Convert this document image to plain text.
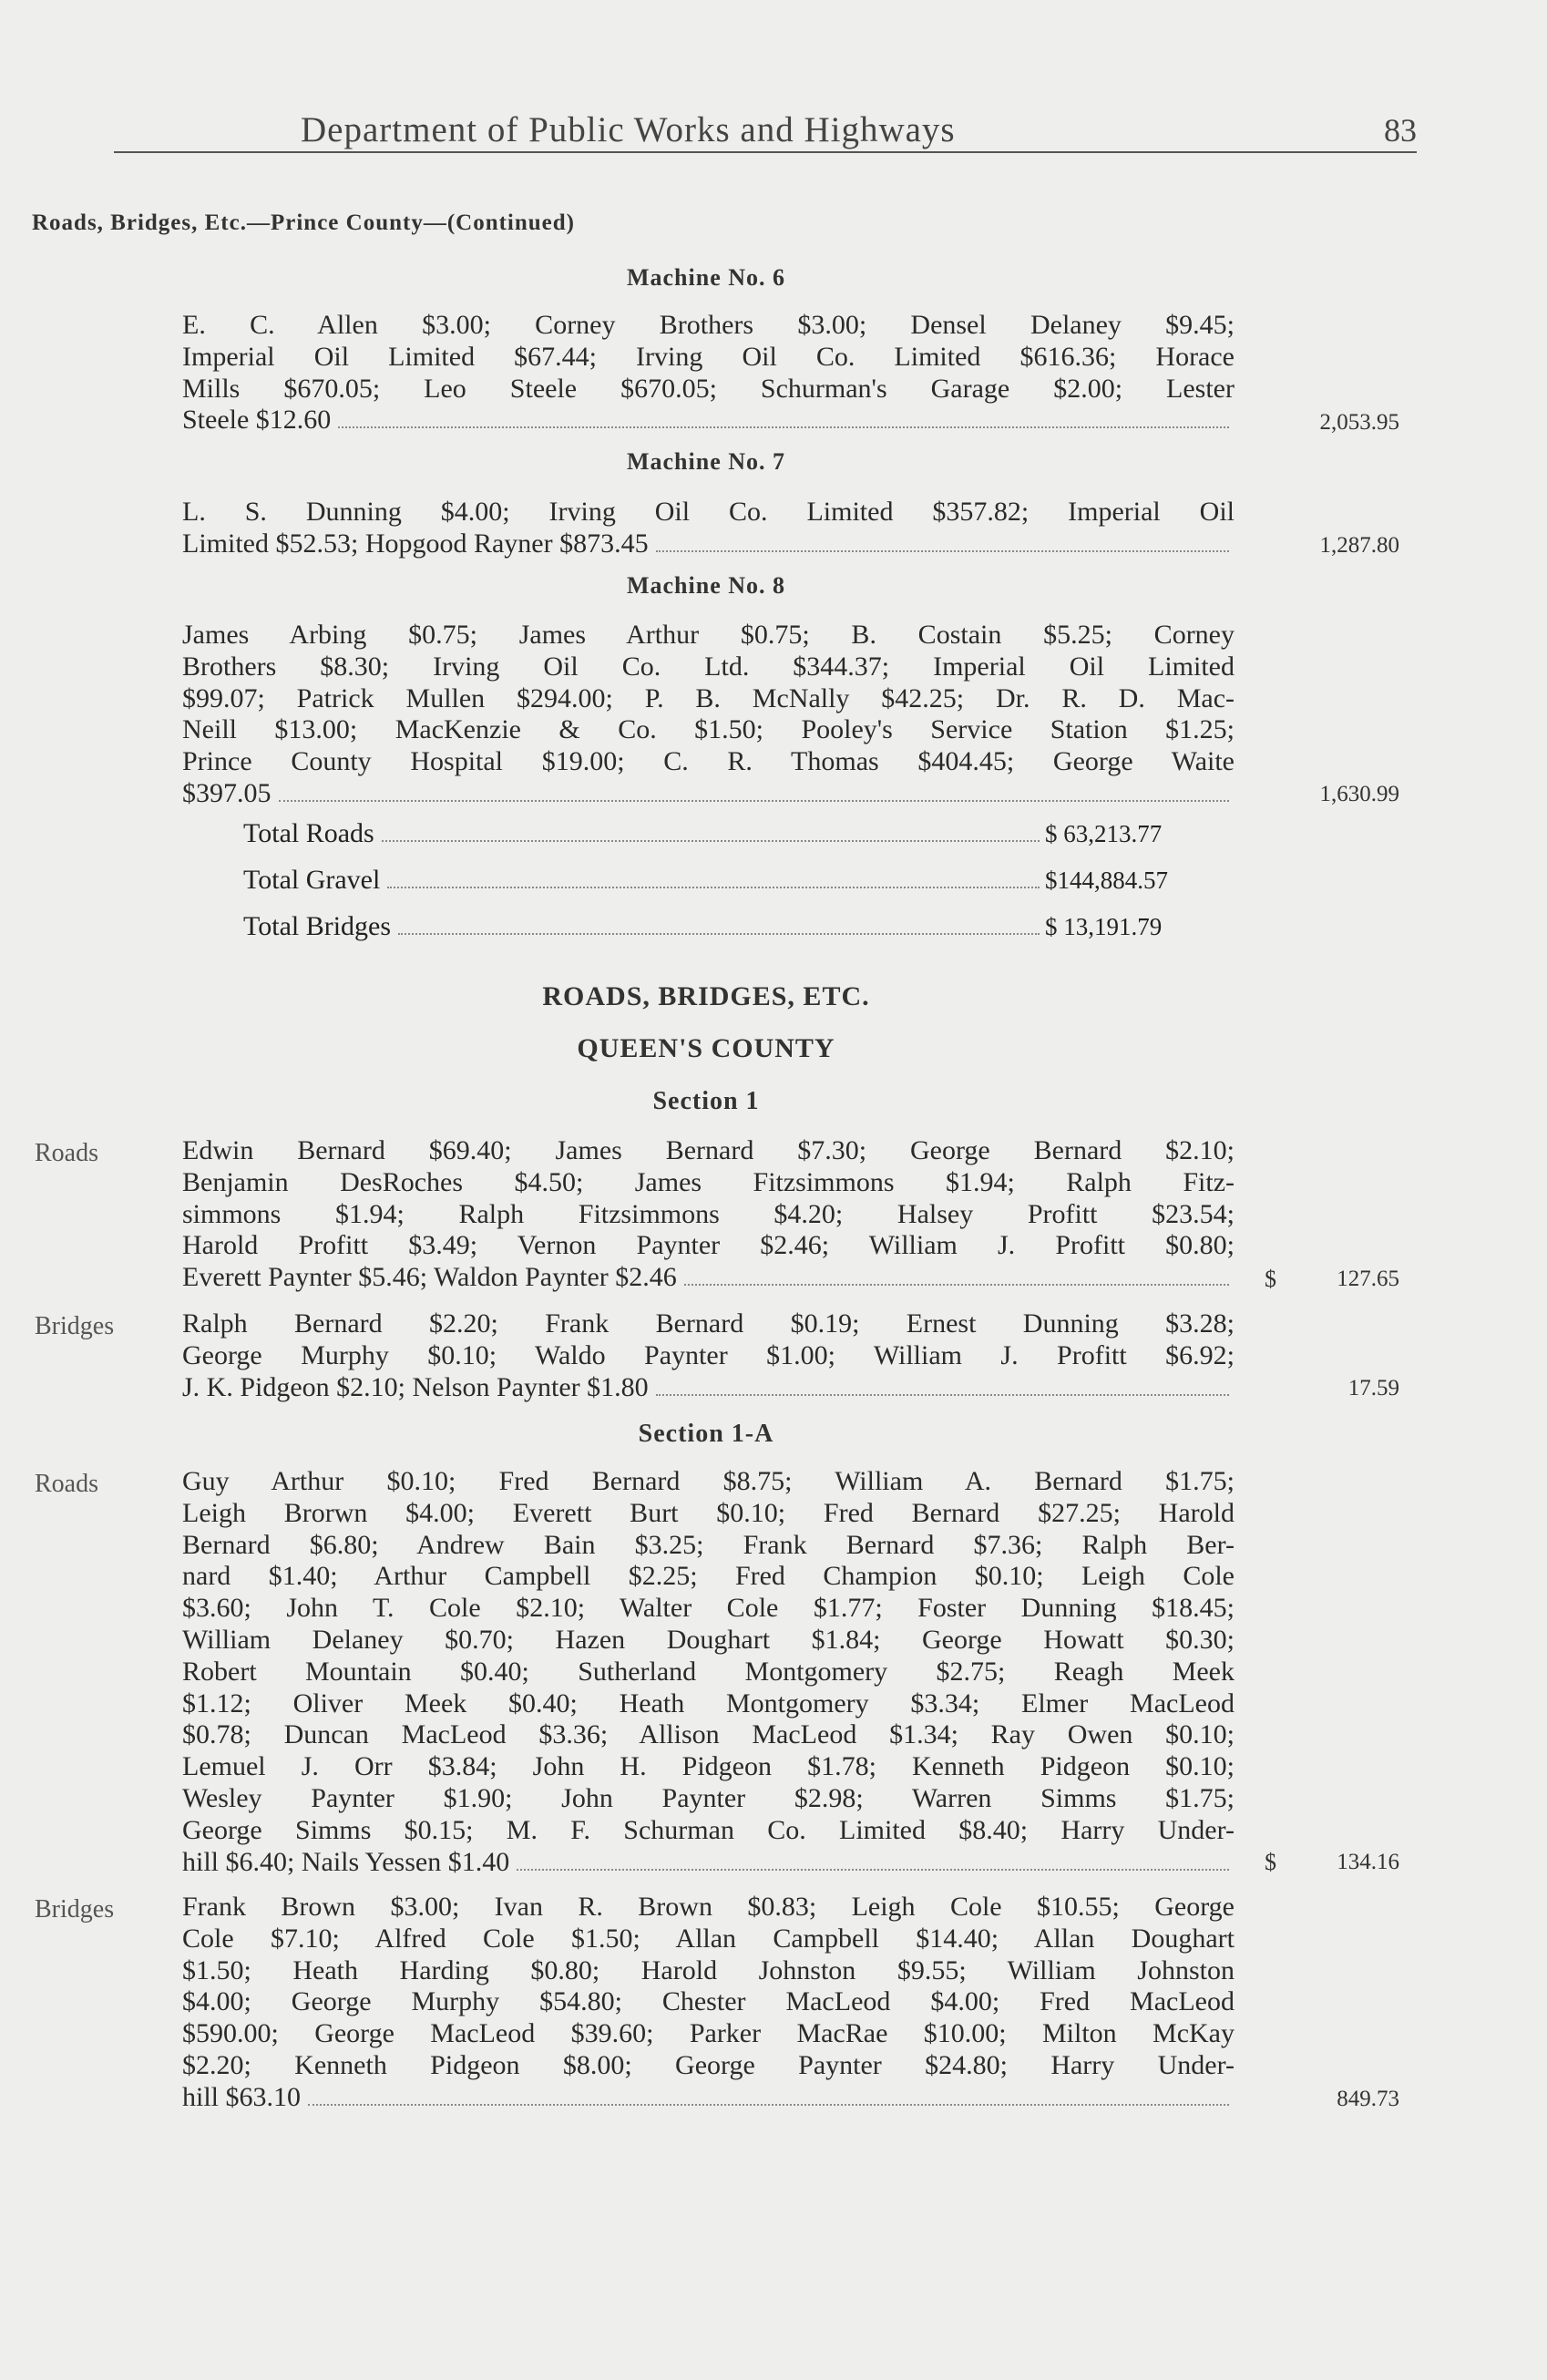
Department of Public Works and Highways	83
Roads, Bridges, Etc.—Prince County—(Continued)
Machine No. 6
E. C. Allen $3.00; Corney Brothers $3.00; Densel Delaney $9.45;
Imperial Oil Limited $67.44; Irving Oil Co. Limited $616.36; Horace
Mills $670.05; Leo Steele $670.05; Schurman's Garage $2.00; Lester
Steele $12.60	2,053.95
Machine No. 7
L. S. Dunning $4.00; Irving Oil Co. Limited $357.82; Imperial Oil
Limited $52.53; Hopgood Rayner $873.45	1,287.80
Machine No. 8
James Arbing $0.75; James Arthur $0.75; B. Costain $5.25; Corney
Brothers $8.30; Irving Oil Co. Ltd. $344.37; Imperial Oil Limited
$99.07; Patrick Mullen $294.00; P. B. McNally $42.25; Dr. R. D. Mac-
Neill $13.00; MacKenzie & Co. $1.50; Pooley's Service Station $1.25;
Prince County Hospital $19.00; C. R. Thomas $404.45; George Waite
$397.05	1,630.99
Total Roads	$ 63,213.77
Total Gravel	$144,884.57
Total Bridges	$ 13,191.79
ROADS, BRIDGES, ETC.
QUEEN'S COUNTY
Section 1
Roads	Edwin Bernard $69.40; James Bernard $7.30; George Bernard $2.10;
Benjamin DesRoches $4.50; James Fitzsimmons $1.94; Ralph Fitz-
simmons $1.94; Ralph Fitzsimmons $4.20; Halsey Profitt $23.54;
Harold Profitt $3.49; Vernon Paynter $2.46; William J. Profitt $0.80;
Everett Paynter $5.46; Waldon Paynter $2.46	$	127.65
Bridges Ralph Bernard $2.20; Frank Bernard $0.19; Ernest Dunning $3.28;
George Murphy $0.10; Waldo Paynter $1.00; William J. Profitt $6.92;
J. K. Pidgeon $2.10; Nelson Paynter $1.80	17.59
Section 1-A
Roads	Guy Arthur $0.10; Fred Bernard $8.75; William A. Bernard $1.75;
Leigh Brorwn $4.00; Everett Burt $0.10; Fred Bernard $27.25; Harold
Bernard $6.80; Andrew Bain $3.25; Frank Bernard $7.36; Ralph Ber-
nard $1.40; Arthur Campbell $2.25; Fred Champion $0.10; Leigh Cole
$3.60; John T. Cole $2.10; Walter Cole $1.77; Foster Dunning $18.45;
William Delaney $0.70; Hazen Doughart $1.84; George Howatt $0.30;
Robert Mountain $0.40; Sutherland Montgomery $2.75; Reagh Meek
$1.12; Oliver Meek $0.40; Heath Montgomery $3.34; Elmer MacLeod
$0.78; Duncan MacLeod $3.36; Allison MacLeod $1.34; Ray Owen $0.10;
Lemuel J. Orr $3.84; John H. Pidgeon $1.78; Kenneth Pidgeon $0.10;
Wesley Paynter $1.90; John Paynter $2.98; Warren Simms $1.75;
George Simms $0.15; M. F. Schurman Co. Limited $8.40; Harry Under-
hill $6.40; Nails Yessen $1.40	$	134.16
Bridges Frank Brown $3.00; Ivan R. Brown $0.83; Leigh Cole $10.55; George
Cole $7.10; Alfred Cole $1.50; Allan Campbell $14.40; Allan Doughart
$1.50; Heath Harding $0.80; Harold Johnston $9.55; William Johnston
$4.00; George Murphy $54.80; Chester MacLeod $4.00; Fred MacLeod
$590.00; George MacLeod $39.60; Parker MacRae $10.00; Milton McKay
$2.20; Kenneth Pidgeon $8.00; George Paynter $24.80; Harry Under-
hill $63.10	849.73
